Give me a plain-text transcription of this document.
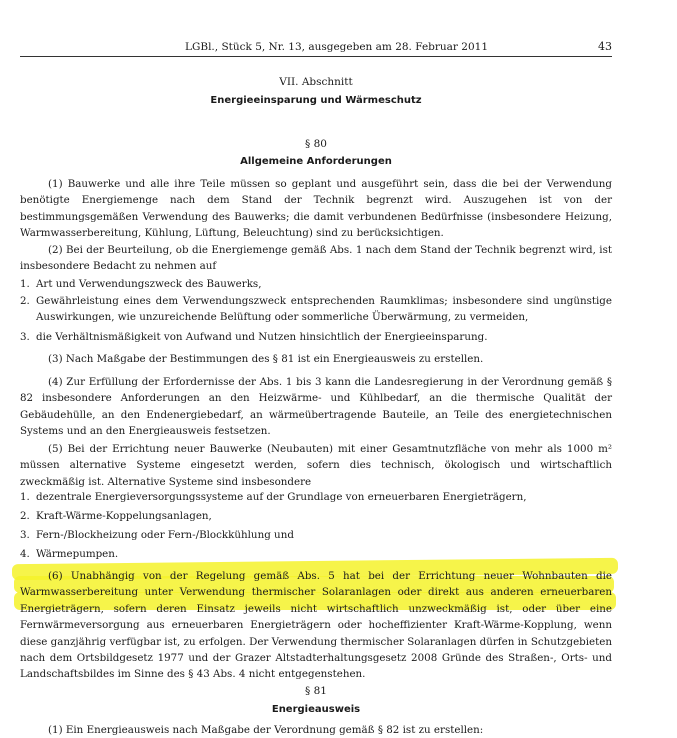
LGBl., Stück 5, Nr. 13, ausgegeben am 28. Februar 2011	43
VII. Abschnitt
Energieeinsparung und Wärmeschutz
§ 80
Allgemeine Anforderungen
(1) Bauwerke und alle ihre Teile müssen so geplant und ausgeführt sein, dass die bei der Verwendung benötigte Energiemenge nach dem Stand der Technik begrenzt wird. Auszugehen ist von der bestimmungsgemäßen Verwendung des Bauwerks; die damit verbundenen Bedürfnisse (insbesondere Heizung, Warmwasserbereitung, Kühlung, Lüftung, Beleuchtung) sind zu berücksichtigen.
(2) Bei der Beurteilung, ob die Energiemenge gemäß Abs. 1 nach dem Stand der Technik begrenzt wird, ist insbesondere Bedacht zu nehmen auf
1. Art und Verwendungszweck des Bauwerks,
2. Gewährleistung eines dem Verwendungszweck entsprechenden Raumklimas; insbesondere sind ungünstige Auswirkungen, wie unzureichende Belüftung oder sommerliche Überwärmung, zu vermeiden,
3. die Verhältnismäßigkeit von Aufwand und Nutzen hinsichtlich der Energieeinsparung.
(3) Nach Maßgabe der Bestimmungen des § 81 ist ein Energieausweis zu erstellen.
(4) Zur Erfüllung der Erfordernisse der Abs. 1 bis 3 kann die Landesregierung in der Verordnung gemäß § 82 insbesondere Anforderungen an den Heizwärme- und Kühlbedarf, an die thermische Qualität der Gebäudehülle, an den Endenergiebedarf, an wärmeübertragende Bauteile, an Teile des energietechnischen Systems und an den Energieausweis festsetzen.
(5) Bei der Errichtung neuer Bauwerke (Neubauten) mit einer Gesamtnutzfläche von mehr als 1000 m² müssen alternative Systeme eingesetzt werden, sofern dies technisch, ökologisch und wirtschaftlich zweckmäßig ist. Alternative Systeme sind insbesondere
1. dezentrale Energieversorgungssysteme auf der Grundlage von erneuerbaren Energieträgern,
2. Kraft-Wärme-Koppelungsanlagen,
3. Fern-/Blockheizung oder Fern-/Blockkühlung und
4. Wärmepumpen.
(6) Unabhängig von der Regelung gemäß Abs. 5 hat bei der Errichtung neuer Wohnbauten die Warmwasserbereitung unter Verwendung thermischer Solaranlagen oder direkt aus anderen erneuerbaren Energieträgern, sofern deren Einsatz jeweils nicht wirtschaftlich unzweckmäßig ist, oder über eine Fernwärmeversorgung aus erneuerbaren Energieträgern oder hocheffizienter Kraft-Wärme-Kopplung, wenn diese ganzjährig verfügbar ist, zu erfolgen. Der Verwendung thermischer Solaranlagen dürfen in Schutzgebieten nach dem Ortsbildgesetz 1977 und der Grazer Altstadterhaltungsgesetz 2008 Gründe des Straßen-, Orts- und Landschaftsbildes im Sinne des § 43 Abs. 4 nicht entgegenstehen.
§ 81
Energieausweis
(1) Ein Energieausweis nach Maßgabe der Verordnung gemäß § 82 ist zu erstellen:
